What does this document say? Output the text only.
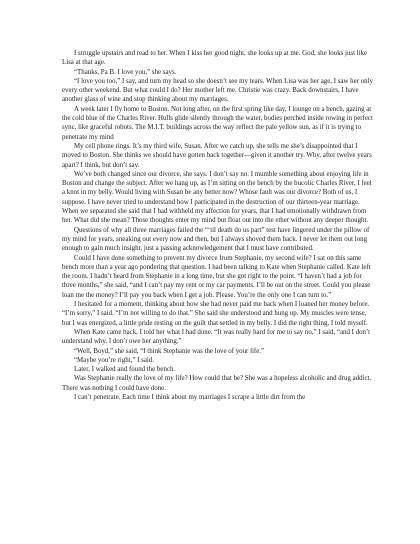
I struggle upstairs and read to her. When I kiss her good night, she looks up at me. God, she looks just like Lisa at that age.

“Thanks, Pa B. I love you,” she says.

“I love you too,” I say, and turn my head so she doesn’t see my tears. When Lisa was her age, I saw her only every other weekend. But what could I do? Her mother left me. Christie was crazy. Back downstairs, I have another glass of wine and stop thinking about my marriages.

A week later I fly home to Boston. Not long after, on the first spring like day, I lounge on a bench, gazing at the cold blue of the Charles River. Hulls glide silently through the water, bodies perched inside rowing in perfect sync, like graceful robots. The M.I.T. buildings across the way reflect the pale yellow sun, as if it is trying to penetrate my mind

My cell phone rings. It’s my third wife, Susan. After we catch up, she tells me she’s disappointed that I moved to Boston. She thinks we should have gotten back together—given it another try. Why, after twelve years apart? I think, but don’t say.

We’ve both changed since our divorce, she says. I don’t say no. I mumble something about enjoying life in Boston and change the subject. After we hang up, as I’m sitting on the bench by the bucolic Charles River, I feel a knot in my belly. Would living with Susan be any better now? Whose fault was our divorce? Both of us, I suppose. I have never tried to understand how I participated in the destruction of our thirteen-year marriage. When we separated she said that I had withheld my affection for years, that I had emotionally withdrawn from her. What did she mean? Those thoughts enter my mind but float out into the ether without any deeper thought.

Questions of why all three marriages failed the “‘til death do us part” test have lingered under the pillow of my mind for years, sneaking out every now and then, but I always shoved them back. I never let them out long enough to gain much insight, just a passing acknowledgement that I must have contributed.

Could I have done something to prevent my divorce from Stephanie, my second wife? I sat on this same bench more than a year ago pondering that question. I had been talking to Kate when Stephanie called. Kate left the room. I hadn’t heard from Stephanie in a long time, but she got right to the point. “I haven’t had a job for three months,” she said, “and I can’t pay my rent or my car payments. I’ll be out on the street. Could you please loan me the money? I’ll pay you back when I get a job. Please. You’re the only one I can turn to.”

I hesitated for a moment, thinking about how she had never paid me back when I loaned her money before. “I’m sorry,” I said. “I’m not willing to do that.” She said she understood and hung up. My muscles were tense, but I was energized, a little pride resting on the guilt that settled in my belly. I did the right thing, I told myself.

When Kate came back, I told her what I had done. “It was really hard for me to say no,” I said, “and I don’t understand why. I don’t owe her anything.”

“Well, Boyd,” she said, “I think Stephanie was the love of your life.”

“Maybe you’re right,” I said.

Later, I walked and found the bench.

Was Stephanie really the love of my life? How could that be? She was a hopeless alcoholic and drug addict. There was nothing I could have done.

I can’t penetrate. Each time I think about my marriages I scrape a little dirt from the
